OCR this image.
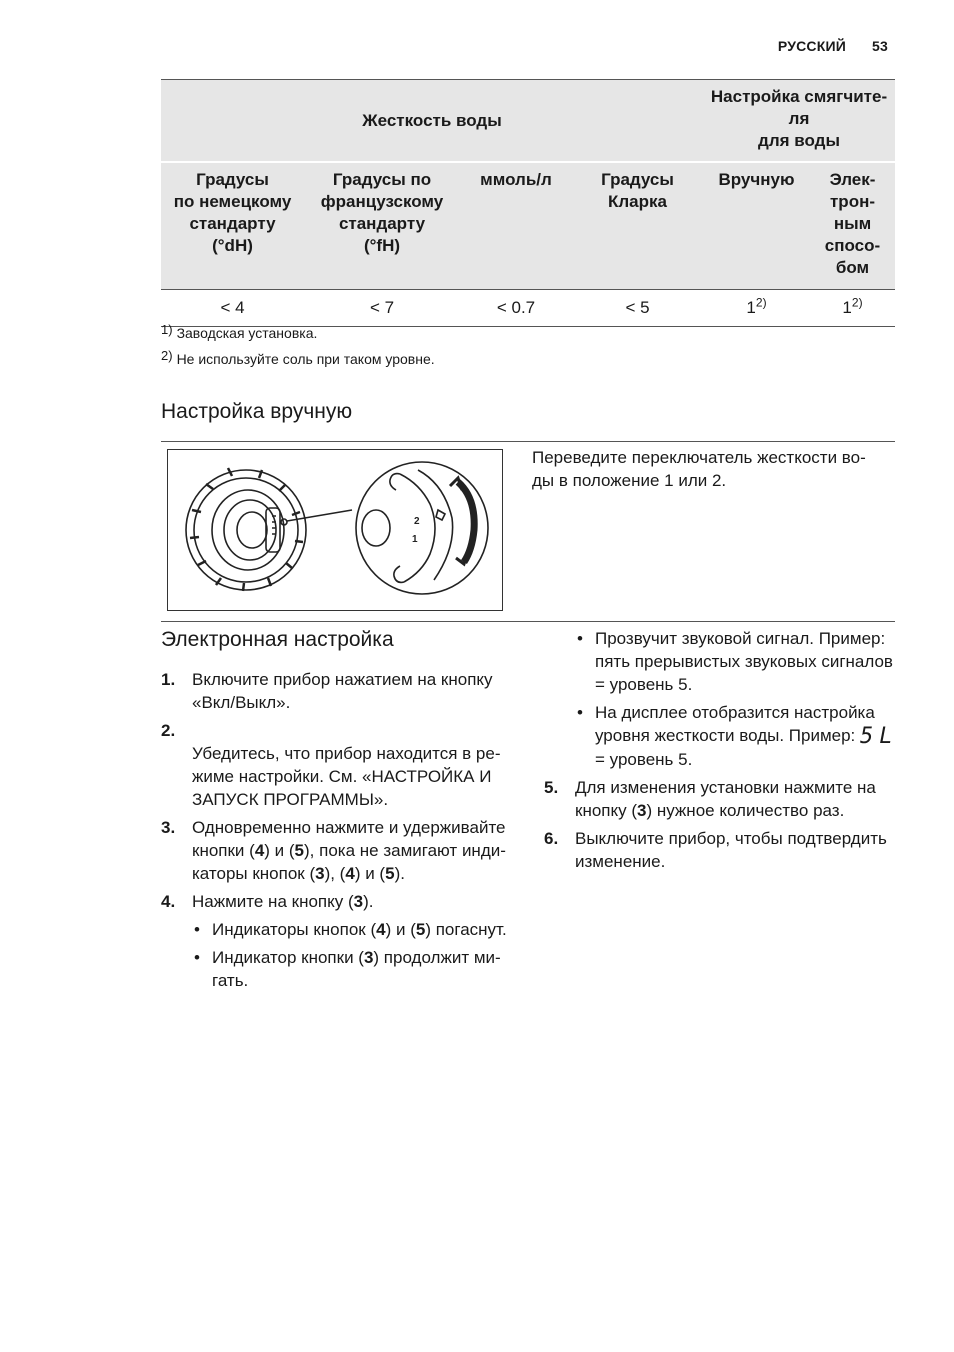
РУССКИЙ 53
Жесткость воды				Настройка смягчите-
ля
для воды	
Градусы
по немецкому
стандарту
(°dH)	Градусы по
французскому
стандарту
(°fH)	ммоль/л	Градусы
Кларка	Вручную	Элек-
трон-
ным
спосо-
бом
< 4	< 7	< 0.7	< 5	1$^{2)}$	1$^{2)}$
$^{1)}$ Заводская установка.
$^{2)}$ Не используйте соль при таком уровне.
Настройка вручную
2
1
Переведите переключатель жесткости во-
ды в положение 1 или 2.
Электронная настройка
1. Включите прибор нажатием на кнопку «Вкл/Выкл».

2.
Убедитесь, что прибор находится в ре-
жиме настройки. См. «НАСТРОЙКА И
ЗАПУСК ПРОГРАММЫ».

3. Одновременно нажмите и удерживайте кнопки (4) и (5), пока не замигают инди-
каторы кнопок (3), (4) и (5).
4. Нажмите на кнопку (3).
• Индикаторы кнопок (4) и (5) погаснут.
• Индикатор кнопки (3) продолжит ми-
гать.
• Прозвучит звуковой сигнал. Пример:
пять прерывистых звуковых сигналов
= уровень 5.
• На дисплее отобразится настройка
уровня жесткости воды. Пример: 5L
= уровень 5.
5. Для изменения установки нажмите на
кнопку (3) нужное количество раз.
6. Выключите прибор, чтобы подтвердить
изменение.
